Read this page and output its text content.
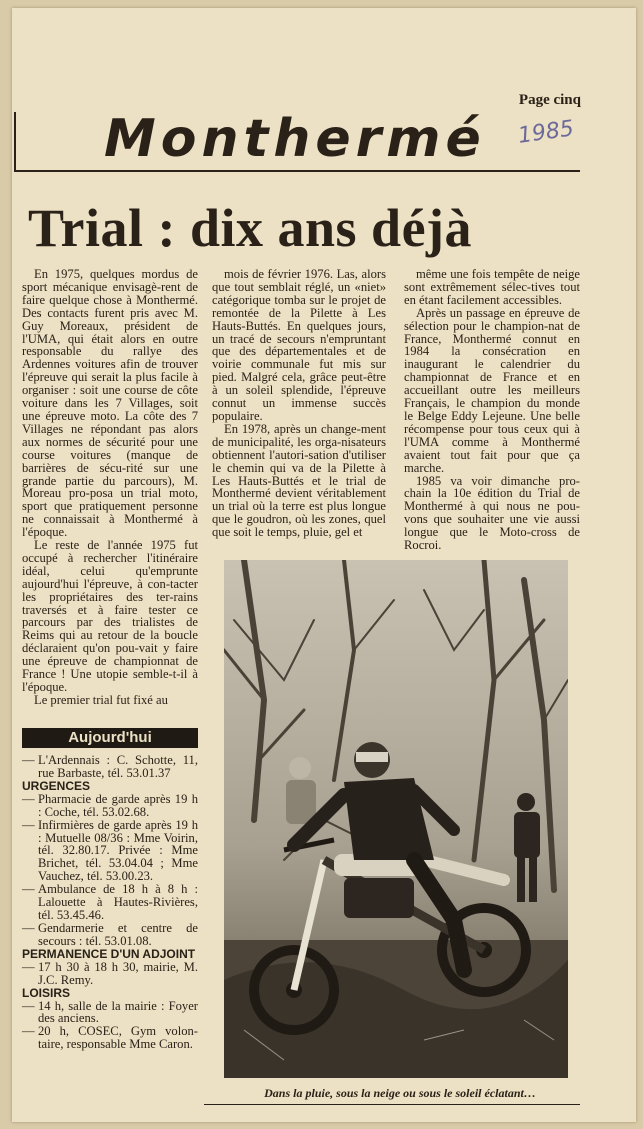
Page cinq
Monthermé 1985
Trial : dix ans déjà

En 1975, quelques mordus de sport mécanique envisagè-rent de faire quelque chose à Monthermé. Des contacts furent pris avec M. Guy Moreaux, président de l'UMA, qui était alors en outre responsable du rallye des Ardennes voitures afin de trouver l'épreuve qui serait la plus facile à organiser : soit une course de côte voiture dans les 7 Villages, soit une épreuve moto. La côte des 7 Villages ne répondant pas alors aux normes de sécurité pour une course voitures (manque de barrières de sécu-rité sur une grande partie du parcours), M. Moreau pro-posa un trial moto, sport que pratiquement personne ne connaissait à Monthermé à l'époque.

Le reste de l'année 1975 fut occupé à rechercher l'itinéraire idéal, celui qu'emprunte aujourd'hui l'épreuve, à con-tacter les propriétaires des ter-rains traversés et à faire tester ce parcours par des trialistes de Reims qui au retour de la boucle déclaraient qu'on pou-vait y faire une épreuve de championnat de France ! Une utopie semble-t-il à l'époque.

Le premier trial fut fixé au

mois de février 1976. Las, alors que tout semblait réglé, un «niet» catégorique tomba sur le projet de remontée de la Pilette à Les Hauts-Buttés. En quelques jours, un tracé de secours n'empruntant que des départementales et de voirie communale fut mis sur pied. Malgré cela, grâce peut-être à un soleil splendide, l'épreuve connut un immense succès populaire.

En 1978, après un change-ment de municipalité, les orga-nisateurs obtiennent l'autori-sation d'utiliser le chemin qui va de la Pilette à Les Hauts-Buttés et le trial de Monthermé devient véritablement un trial où la terre est plus longue que le goudron, où les zones, quel que soit le temps, pluie, gel et

même une fois tempête de neige sont extrêmement sélec-tives tout en étant facilement accessibles.

Après un passage en épreuve de sélection pour le champion-nat de France, Monthermé connut en 1984 la consécration en inaugurant le calendrier du championnat de France et en accueillant outre les meilleurs Français, le champion du monde le Belge Eddy Lejeune. Une belle récompense pour tous ceux qui à l'UMA comme à Monthermé avaient tout fait pour que ça marche.

1985 va voir dimanche pro-chain la 10e édition du Trial de Monthermé à qui nous ne pou-vons que souhaiter une vie aussi longue que le Moto-cross de Rocroi.

Aujourd'hui
— L'Ardennais : C. Schotte, 11, rue Barbaste, tél. 53.01.37
URGENCES
— Pharmacie de garde après 19 h : Coche, tél. 53.02.68.
— Infirmières de garde après 19 h : Mutuelle 08/36 : Mme Voirin, tél. 32.80.17. Privée : Mme Brichet, tél. 53.04.04 ; Mme Vauchez, tél. 53.00.23.
— Ambulance de 18 h à 8 h : Lalouette à Hautes-Rivières, tél. 53.45.46.
— Gendarmerie et centre de secours : tél. 53.01.08.
PERMANENCE D'UN ADJOINT
— 17 h 30 à 18 h 30, mairie, M. J.C. Remy.
LOISIRS
— 14 h, salle de la mairie : Foyer des anciens.
— 20 h, COSEC, Gym volon-taire, responsable Mme Caron.
Dans la pluie, sous la neige ou sous le soleil éclatant…
